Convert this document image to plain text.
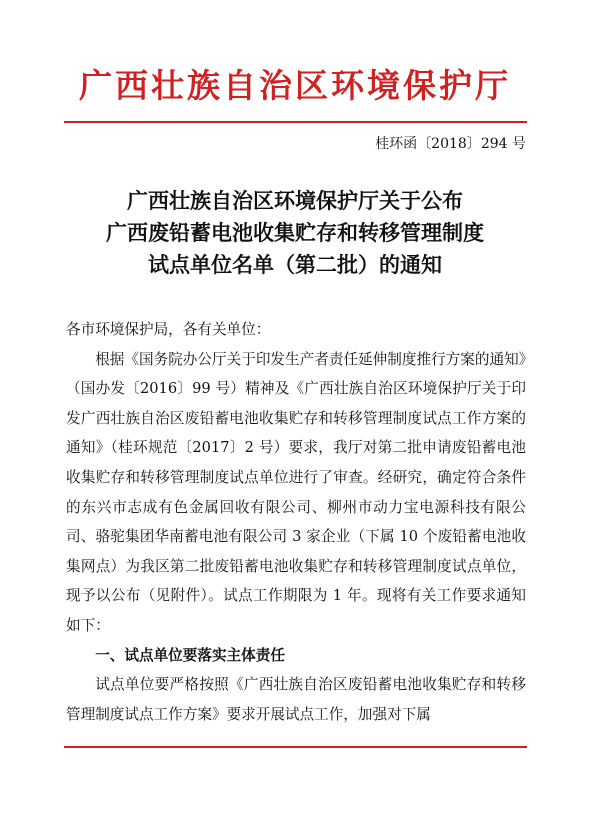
广西壮族自治区环境保护厅
桂环函〔2018〕294 号
广西壮族自治区环境保护厅关于公布
广西废铅蓄电池收集贮存和转移管理制度
试点单位名单（第二批）的通知

各市环境保护局，各有关单位：

根据《国务院办公厅关于印发生产者责任延伸制度推行方案的通知》（国办发〔2016〕99 号）精神及《广西壮族自治区环境保护厅关于印发广西壮族自治区废铅蓄电池收集贮存和转移管理制度试点工作方案的通知》（桂环规范〔2017〕2 号）要求，我厅对第二批申请废铅蓄电池收集贮存和转移管理制度试点单位进行了审查。经研究，确定符合条件的东兴市志成有色金属回收有限公司、柳州市动力宝电源科技有限公司、骆驼集团华南蓄电池有限公司 3 家企业（下属 10 个废铅蓄电池收集网点）为我区第二批废铅蓄电池收集贮存和转移管理制度试点单位，现予以公布（见附件）。试点工作期限为 1 年。现将有关工作要求通知如下：

一、试点单位要落实主体责任

试点单位要严格按照《广西壮族自治区废铅蓄电池收集贮存和转移管理制度试点工作方案》要求开展试点工作，加强对下属
